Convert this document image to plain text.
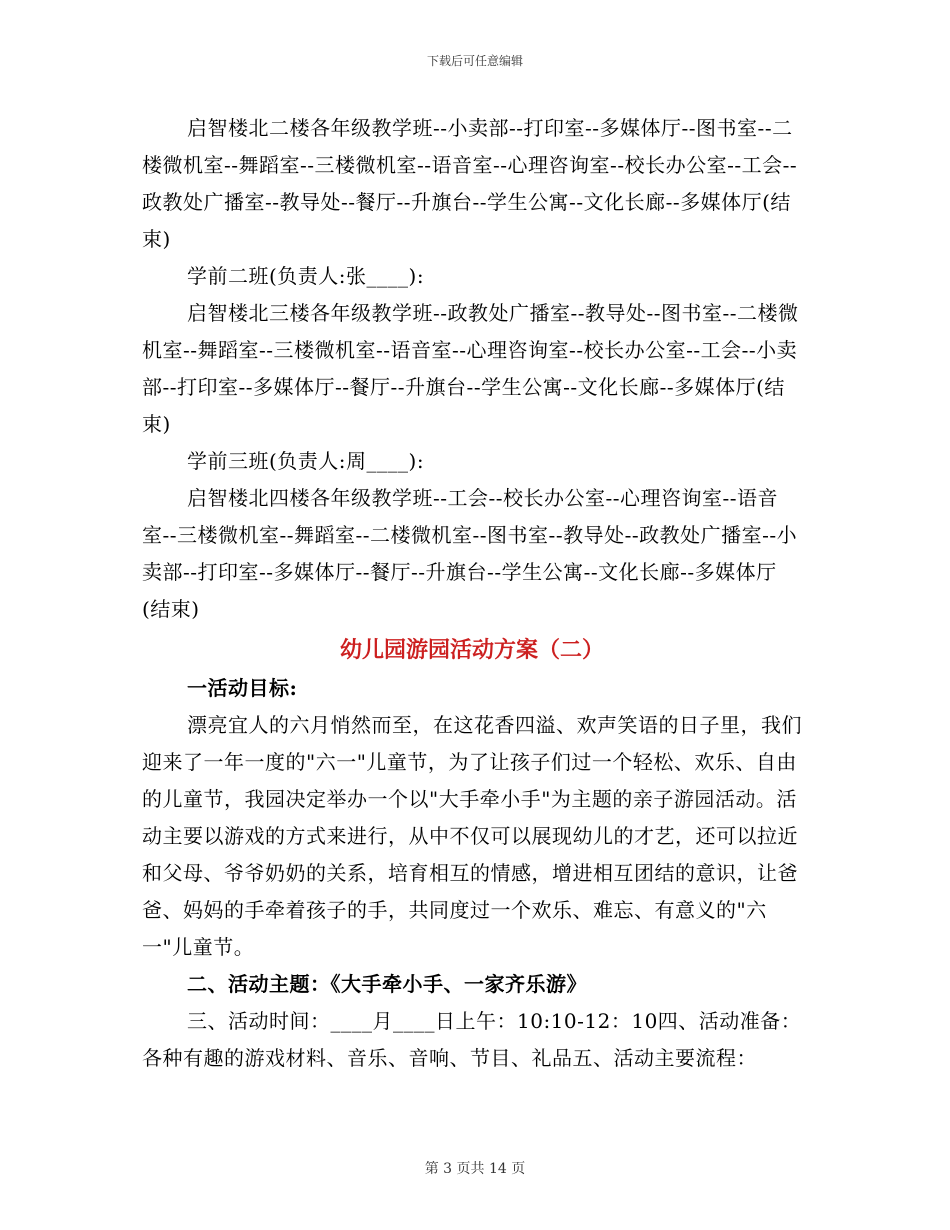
下载后可任意编辑

启智楼北二楼各年级教学班--小卖部--打印室--多媒体厅--图书室--二楼微机室--舞蹈室--三楼微机室--语音室--心理咨询室--校长办公室--工会--政教处广播室--教导处--餐厅--升旗台--学生公寓--文化长廊--多媒体厅(结束)

学前二班(负责人:张____):

启智楼北三楼各年级教学班--政教处广播室--教导处--图书室--二楼微机室--舞蹈室--三楼微机室--语音室--心理咨询室--校长办公室--工会--小卖部--打印室--多媒体厅--餐厅--升旗台--学生公寓--文化长廊--多媒体厅(结束)

学前三班(负责人:周____):

启智楼北四楼各年级教学班--工会--校长办公室--心理咨询室--语音室--三楼微机室--舞蹈室--二楼微机室--图书室--教导处--政教处广播室--小卖部--打印室--多媒体厅--餐厅--升旗台--学生公寓--文化长廊--多媒体厅(结束)

幼儿园游园活动方案（二）

一活动目标:

漂亮宜人的六月悄然而至，在这花香四溢、欢声笑语的日子里，我们迎来了一年一度的"六一"儿童节，为了让孩子们过一个轻松、欢乐、自由的儿童节，我园决定举办一个以"大手牵小手"为主题的亲子游园活动。活动主要以游戏的方式来进行，从中不仅可以展现幼儿的才艺，还可以拉近和父母、爷爷奶奶的关系，培育相互的情感，增进相互团结的意识，让爸爸、妈妈的手牵着孩子的手，共同度过一个欢乐、难忘、有意义的"六一"儿童节。

二、活动主题：《大手牵小手、一家齐乐游》

三、活动时间：____月____日上午：10:10-12：10四、活动准备：各种有趣的游戏材料、音乐、音响、节目、礼品五、活动主要流程：

第 3 页共 14 页
